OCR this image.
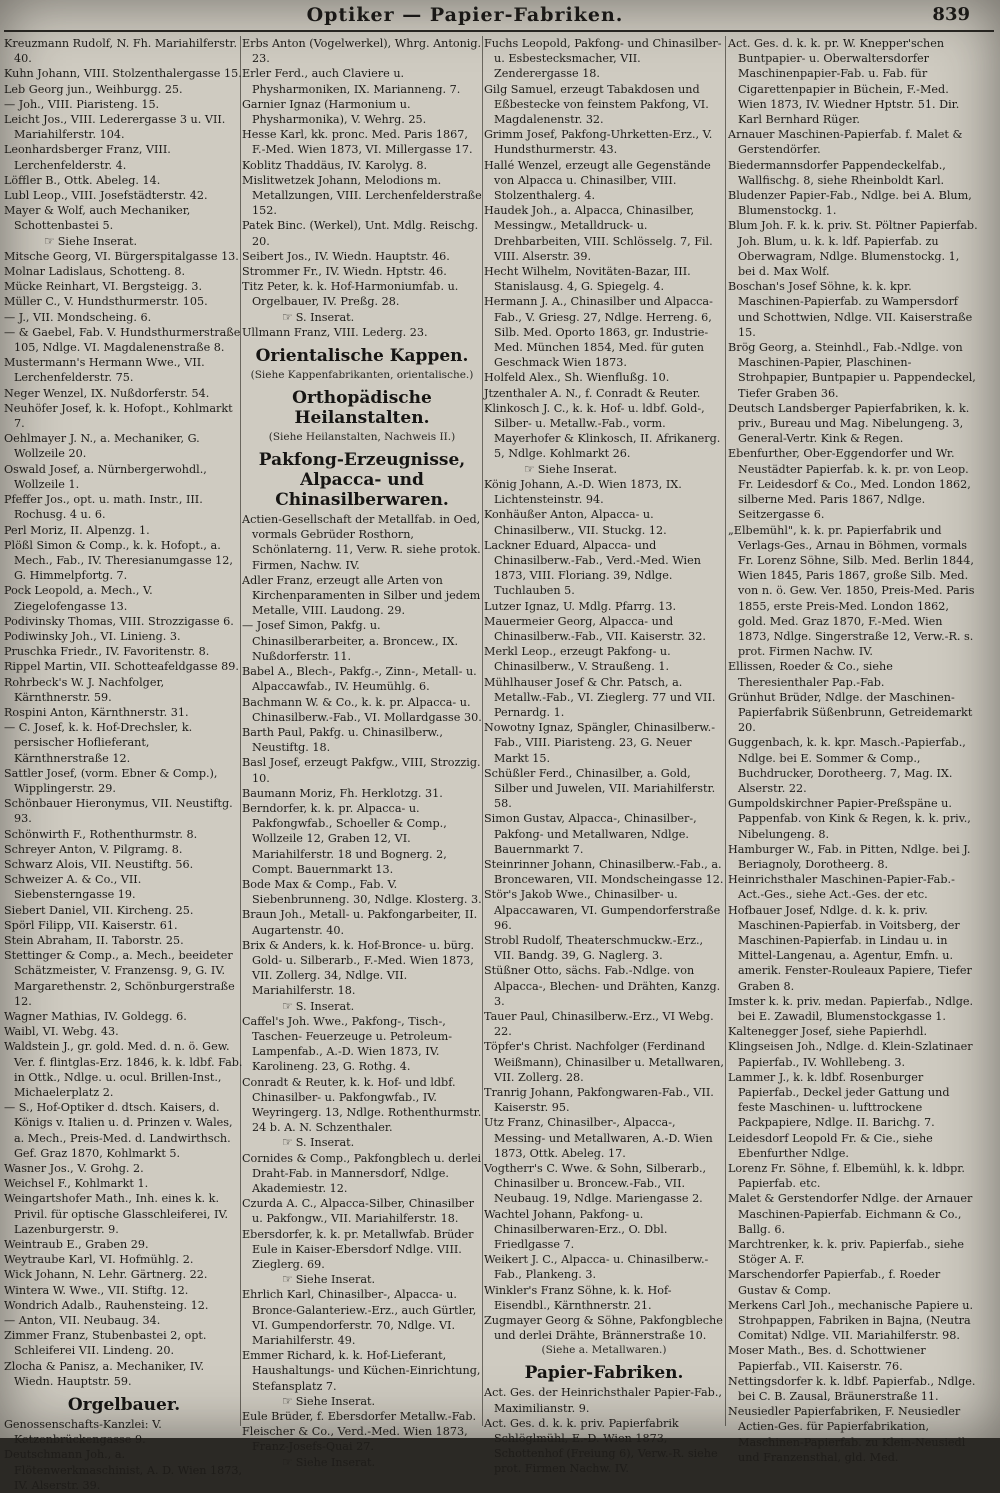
Optiker — Papier-Fabriken.	839
Kreuzmann Rudolf, N. Fh. Mariahilferstr. 40.
Kuhn Johann, VIII. Stolzenthalergasse 15.
Leb Georg jun., Weihburgg. 25.
— Joh., VIII. Piaristeng. 15.
Leicht Jos., VIII. Lederergasse 3 u. VII. Mariahilferstr. 104.
Leonhardsberger Franz, VIII. Lerchenfelderstr. 4.
Löffler B., Ottk. Abeleg. 14.
Lubl Leop., VIII. Josefstädterstr. 42.
Mayer & Wolf, auch Mechaniker, Schottenbastei 5.
☞ Siehe Inserat.
Mitsche Georg, VI. Bürgerspitalgasse 13.
Molnar Ladislaus, Schotteng. 8.
Mücke Reinhart, VI. Bergsteigg. 3.
Müller C., V. Hundsthurmerstr. 105.
— J., VII. Mondscheing. 6.
— & Gaebel, Fab. V. Hundsthurmerstraße 105, Ndlge. VI. Magdalenenstraße 8.
Mustermann's Hermann Wwe., VII. Lerchenfelderstr. 75.
Neger Wenzel, IX. Nußdorferstr. 54.
Neuhöfer Josef, k. k. Hofopt., Kohlmarkt 7.
Oehlmayer J. N., a. Mechaniker, G. Wollzeile 20.
Oswald Josef, a. Nürnbergerwohdl., Wollzeile 1.
Pfeffer Jos., opt. u. math. Instr., III. Rochusg. 4 u. 6.
Perl Moriz, II. Alpenzg. 1.
Plößl Simon & Comp., k. k. Hofopt., a. Mech., Fab., IV. Theresianumgasse 12, G. Himmelpfortg. 7.
Pock Leopold, a. Mech., V. Ziegelofengasse 13.
Podivinsky Thomas, VIII. Strozzigasse 6.
Podiwinsky Joh., VI. Linieng. 3.
Pruschka Friedr., IV. Favoritenstr. 8.
Rippel Martin, VII. Schotteafeldgasse 89.
Rohrbeck's W. J. Nachfolger, Kärnthnerstr. 59.
Rospini Anton, Kärnthnerstr. 31.
— C. Josef, k. k. Hof-Drechsler, k. persischer Hoflieferant, Kärnthnerstraße 12.
Sattler Josef, (vorm. Ebner & Comp.), Wipplingerstr. 29.
Schönbauer Hieronymus, VII. Neustiftg. 93.
Schönwirth F., Rothenthurmstr. 8.
Schreyer Anton, V. Pilgramg. 8.
Schwarz Alois, VII. Neustiftg. 56.
Schweizer A. & Co., VII. Siebensterngasse 19.
Siebert Daniel, VII. Kircheng. 25.
Spörl Filipp, VII. Kaiserstr. 61.
Stein Abraham, II. Taborstr. 25.
Stettinger & Comp., a. Mech., beeideter Schätzmeister, V. Franzensg. 9, G. IV. Margarethenstr. 2, Schönburgerstraße 12.
Wagner Mathias, IV. Goldegg. 6.
Waibl, VI. Webg. 43.
Waldstein J., gr. gold. Med. d. n. ö. Gew. Ver. f. flintglas-Erz. 1846, k. k. ldbf. Fab. in Ottk., Ndlge. u. ocul. Brillen-Inst., Michaelerplatz 2.
— S., Hof-Optiker d. dtsch. Kaisers, d. Königs v. Italien u. d. Prinzen v. Wales, a. Mech., Preis-Med. d. Landwirthsch. Gef. Graz 1870, Kohlmarkt 5.
Wasner Jos., V. Grohg. 2.
Weichsel F., Kohlmarkt 1.
Weingartshofer Math., Inh. eines k. k. Privil. für optische Glasschleiferei, IV. Lazenburgerstr. 9.
Weintraub E., Graben 29.
Weytraube Karl, VI. Hofmühlg. 2.
Wick Johann, N. Lehr. Gärtnerg. 22.
Wintera W. Wwe., VII. Stiftg. 12.
Wondrich Adalb., Rauhensteing. 12.
— Anton, VII. Neubaug. 34.
Zimmer Franz, Stubenbastei 2, opt. Schleiferei VII. Lindeng. 20.
Zlocha & Panisz, a. Mechaniker, IV. Wiedn. Hauptstr. 59.
Orgelbauer.
Genossenschafts-Kanzlei: V. Ketzenbrückengasse 9.
Deutschmann Joh., a. Flötenwerkmaschinist, A. D. Wien 1873, IV. Alserstr. 39.
Erbs Anton (Vogelwerkel), Whrg. Antonig. 23.
Erler Ferd., auch Claviere u. Physharmoniken, IX. Marianneng. 7.
Garnier Ignaz (Harmonium u. Physharmonika), V. Wehrg. 25.
Hesse Karl, kk. pronc. Med. Paris 1867, F.-Med. Wien 1873, VI. Millergasse 17.
Koblitz Thaddäus, IV. Karolyg. 8.
Mislitwetzek Johann, Melodions m. Metallzungen, VIII. Lerchenfelderstraße 152.
Patek Binc. (Werkel), Unt. Mdlg. Reischg. 20.
Seibert Jos., IV. Wiedn. Hauptstr. 46.
Strommer Fr., IV. Wiedn. Hptstr. 46.
Titz Peter, k. k. Hof-Harmoniumfab. u. Orgelbauer, IV. Preßg. 28.
☞ S. Inserat.
Ullmann Franz, VIII. Lederg. 23.
Orientalische Kappen.
(Siehe Kappenfabrikanten, orientalische.)
Orthopädische Heilanstalten.
(Siehe Heilanstalten, Nachweis II.)
Pakfong-Erzeugnisse, Alpacca- und Chinasilberwaren.
Actien-Gesellschaft der Metallfab. in Oed, vormals Gebrüder Rosthorn, Schönlaterng. 11, Verw. R. siehe protok. Firmen, Nachw. IV.
Adler Franz, erzeugt alle Arten von Kirchenparamenten in Silber und jedem Metalle, VIII. Laudong. 29.
— Josef Simon, Pakfg. u. Chinasilberarbeiter, a. Broncew., IX. Nußdorferstr. 11.
Babel A., Blech-, Pakfg.-, Zinn-, Metall- u. Alpaccawfab., IV. Heumühlg. 6.
Bachmann W. & Co., k. k. pr. Alpacca- u. Chinasilberw.-Fab., VI. Mollardgasse 30.
Barth Paul, Pakfg. u. Chinasilberw., Neustiftg. 18.
Basl Josef, erzeugt Pakfgw., VIII, Strozzig. 10.
Baumann Moriz, Fh. Herklotzg. 31.
Berndorfer, k. k. pr. Alpacca- u. Pakfongwfab., Schoeller & Comp., Wollzeile 12, Graben 12, VI. Mariahilferstr. 18 und Bognerg. 2, Compt. Bauernmarkt 13.
Bode Max & Comp., Fab. V. Siebenbrunneng. 30, Ndlge. Klosterg. 3.
Braun Joh., Metall- u. Pakfongarbeiter, II. Augartenstr. 40.
Brix & Anders, k. k. Hof-Bronce- u. bürg. Gold- u. Silberarb., F.-Med. Wien 1873, VII. Zollerg. 34, Ndlge. VII. Mariahilferstr. 18.
☞ S. Inserat.
Caffel's Joh. Wwe., Pakfong-, Tisch-, Taschen- Feuerzeuge u. Petroleum-Lampenfab., A.-D. Wien 1873, IV. Karolineng. 23, G. Rothg. 4.
Conradt & Reuter, k. k. Hof- und ldbf. Chinasilber- u. Pakfongwfab., IV. Weyringerg. 13, Ndlge. Rothenthurmstr. 24 b. A. N. Schzenthaler.
☞ S. Inserat.
Cornides & Comp., Pakfongblech u. derlei Draht-Fab. in Mannersdorf, Ndlge. Akademiestr. 12.
Czurda A. C., Alpacca-Silber, Chinasilber u. Pakfongw., VII. Mariahilferstr. 18.
Ebersdorfer, k. k. pr. Metallwfab. Brüder Eule in Kaiser-Ebersdorf Ndlge. VIII. Zieglerg. 69.
☞ Siehe Inserat.
Ehrlich Karl, Chinasilber-, Alpacca- u. Bronce-Galanteriew.-Erz., auch Gürtler, VI. Gumpendorferstr. 70, Ndlge. VI. Mariahilferstr. 49.
Emmer Richard, k. k. Hof-Lieferant, Haushaltungs- und Küchen-Einrichtung, Stefansplatz 7.
☞ Siehe Inserat.
Eule Brüder, f. Ebersdorfer Metallw.-Fab.
Fleischer & Co., Verd.-Med. Wien 1873, Franz-Josefs-Quai 27.
☞ Siehe Inserat.
Fuchs Leopold, Pakfong- und Chinasilber- u. Esbestecksmacher, VII. Zenderergasse 18.
Gilg Samuel, erzeugt Tabakdosen und Eßbestecke von feinstem Pakfong, VI. Magdalenenstr. 32.
Grimm Josef, Pakfong-Uhrketten-Erz., V. Hundsthurmerstr. 43.
Hallé Wenzel, erzeugt alle Gegenstände von Alpacca u. Chinasilber, VIII. Stolzenthalerg. 4.
Haudek Joh., a. Alpacca, Chinasilber, Messingw., Metalldruck- u. Drehbarbeiten, VIII. Schlösselg. 7, Fil. VIII. Alserstr. 39.
Hecht Wilhelm, Novitäten-Bazar, III. Stanislausg. 4, G. Spiegelg. 4.
Hermann J. A., Chinasilber und Alpacca-Fab., V. Griesg. 27, Ndlge. Herreng. 6, Silb. Med. Oporto 1863, gr. Industrie-Med. München 1854, Med. für guten Geschmack Wien 1873.
Holfeld Alex., Sh. Wienflußg. 10.
Jtzenthaler A. N., f. Conradt & Reuter.
Klinkosch J. C., k. k. Hof- u. ldbf. Gold-, Silber- u. Metallw.-Fab., vorm. Mayerhofer & Klinkosch, II. Afrikanerg. 5, Ndlge. Kohlmarkt 26.
☞ Siehe Inserat.
König Johann, A.-D. Wien 1873, IX. Lichtensteinstr. 94.
Konhäußer Anton, Alpacca- u. Chinasilberw., VII. Stuckg. 12.
Lackner Eduard, Alpacca- und Chinasilberw.-Fab., Verd.-Med. Wien 1873, VIII. Floriang. 39, Ndlge. Tuchlauben 5.
Lutzer Ignaz, U. Mdlg. Pfarrg. 13.
Mauermeier Georg, Alpacca- und Chinasilberw.-Fab., VII. Kaiserstr. 32.
Merkl Leop., erzeugt Pakfong- u. Chinasilberw., V. Straußeng. 1.
Mühlhauser Josef & Chr. Patsch, a. Metallw.-Fab., VI. Zieglerg. 77 und VII. Pernardg. 1.
Nowotny Ignaz, Spängler, Chinasilberw.-Fab., VIII. Piaristeng. 23, G. Neuer Markt 15.
Schüßler Ferd., Chinasilber, a. Gold, Silber und Juwelen, VII. Mariahilferstr. 58.
Simon Gustav, Alpacca-, Chinasilber-, Pakfong- und Metallwaren, Ndlge. Bauernmarkt 7.
Steinrinner Johann, Chinasilberw.-Fab., a. Broncewaren, VII. Mondscheingasse 12.
Stör's Jakob Wwe., Chinasilber- u. Alpaccawaren, VI. Gumpendorferstraße 96.
Strobl Rudolf, Theaterschmuckw.-Erz., VII. Bandg. 39, G. Naglerg. 3.
Stüßner Otto, sächs. Fab.-Ndlge. von Alpacca-, Blechen- und Drähten, Kanzg. 3.
Tauer Paul, Chinasilberw.-Erz., VI Webg. 22.
Töpfer's Christ. Nachfolger (Ferdinand Weißmann), Chinasilber u. Metallwaren, VII. Zollerg. 28.
Tranrig Johann, Pakfongwaren-Fab., VII. Kaiserstr. 95.
Utz Franz, Chinasilber-, Alpacca-, Messing- und Metallwaren, A.-D. Wien 1873, Ottk. Abeleg. 17.
Vogtherr's C. Wwe. & Sohn, Silberarb., Chinasilber u. Broncew.-Fab., VII. Neubaug. 19, Ndlge. Mariengasse 2.
Wachtel Johann, Pakfong- u. Chinasilberwaren-Erz., O. Dbl. Friedlgasse 7.
Weikert J. C., Alpacca- u. Chinasilberw.-Fab., Plankeng. 3.
Winkler's Franz Söhne, k. k. Hof-Eisendbl., Kärnthnerstr. 21.
Zugmayer Georg & Söhne, Pakfongbleche und derlei Drähte, Brännerstraße 10.
(Siehe a. Metallwaren.)
Papier-Fabriken.
Act. Ges. der Heinrichsthaler Papier-Fab., Maximilianstr. 9.
Act. Ges. d. k. k. priv. Papierfabrik Schlöglmühl, E.-D. Wien 1873, Schottenhof (Freiung 6), Verw.-R. siehe prot. Firmen Nachw. IV.
Act. Ges. d. k. k. pr. W. Knepper'schen Buntpapier- u. Oberwaltersdorfer Maschinenpapier-Fab. u. Fab. für Cigarettenpapier in Büchein, F.-Med. Wien 1873, IV. Wiedner Hptstr. 51. Dir. Karl Bernhard Rüger.
Arnauer Maschinen-Papierfab. f. Malet & Gerstendörfer.
Biedermannsdorfer Pappendeckelfab., Wallfischg. 8, siehe Rheinboldt Karl.
Bludenzer Papier-Fab., Ndlge. bei A. Blum, Blumenstockg. 1.
Blum Joh. F. k. k. priv. St. Pöltner Papierfab. Joh. Blum, u. k. k. ldf. Papierfab. zu Oberwagram, Ndlge. Blumenstockg. 1, bei d. Max Wolf.
Boschan's Josef Söhne, k. k. kpr. Maschinen-Papierfab. zu Wampersdorf und Schottwien, Ndlge. VII. Kaiserstraße 15.
Brög Georg, a. Steinhdl., Fab.-Ndlge. von Maschinen-Papier, Plaschinen-Strohpapier, Buntpapier u. Pappendeckel, Tiefer Graben 36.
Deutsch Landsberger Papierfabriken, k. k. priv., Bureau und Mag. Nibelungeng. 3, General-Vertr. Kink & Regen.
Ebenfurther, Ober-Eggendorfer und Wr. Neustädter Papierfab. k. k. pr. von Leop. Fr. Leidesdorf & Co., Med. London 1862, silberne Med. Paris 1867, Ndlge. Seitzergasse 6.
„Elbemühl", k. k. pr. Papierfabrik und Verlags-Ges., Arnau in Böhmen, vormals Fr. Lorenz Söhne, Silb. Med. Berlin 1844, Wien 1845, Paris 1867, große Silb. Med. von n. ö. Gew. Ver. 1850, Preis-Med. Paris 1855, erste Preis-Med. London 1862, gold. Med. Graz 1870, F.-Med. Wien 1873, Ndlge. Singerstraße 12, Verw.-R. s. prot. Firmen Nachw. IV.
Ellissen, Roeder & Co., siehe Theresienthaler Pap.-Fab.
Grünhut Brüder, Ndlge. der Maschinen-Papierfabrik Süßenbrunn, Getreidemarkt 20.
Guggenbach, k. k. kpr. Masch.-Papierfab., Ndlge. bei E. Sommer & Comp., Buchdrucker, Dorotheerg. 7, Mag. IX. Alserstr. 22.
Gumpoldskirchner Papier-Preßspäne u. Pappenfab. von Kink & Regen, k. k. priv., Nibelungeng. 8.
Hamburger W., Fab. in Pitten, Ndlge. bei J. Beriagnoly, Dorotheerg. 8.
Heinrichsthaler Maschinen-Papier-Fab.-Act.-Ges., siehe Act.-Ges. der etc.
Hofbauer Josef, Ndlge. d. k. k. priv. Maschinen-Papierfab. in Voitsberg, der Maschinen-Papierfab. in Lindau u. in Mittel-Langenau, a. Agentur, Emfn. u. amerik. Fenster-Rouleaux Papiere, Tiefer Graben 8.
Imster k. k. priv. medan. Papierfab., Ndlge. bei E. Zawadil, Blumenstockgasse 1.
Kaltenegger Josef, siehe Papierhdl.
Klingseisen Joh., Ndlge. d. Klein-Szlatinaer Papierfab., IV. Wohllebeng. 3.
Lammer J., k. k. ldbf. Rosenburger Papierfab., Deckel jeder Gattung und feste Maschinen- u. lufttrockene Packpapiere, Ndlge. II. Barichg. 7.
Leidesdorf Leopold Fr. & Cie., siehe Ebenfurther Ndlge.
Lorenz Fr. Söhne, f. Elbemühl, k. k. ldbpr. Papierfab. etc.
Malet & Gerstendorfer Ndlge. der Arnauer Maschinen-Papierfab. Eichmann & Co., Ballg. 6.
Marchtrenker, k. k. priv. Papierfab., siehe Stöger A. F.
Marschendorfer Papierfab., f. Roeder Gustav & Comp.
Merkens Carl Joh., mechanische Papiere u. Strohpappen, Fabriken in Bajna, (Neutra Comitat) Ndlge. VII. Mariahilferstr. 98.
Moser Math., Bes. d. Schottwiener Papierfab., VII. Kaiserstr. 76.
Nettingsdorfer k. k. ldbf. Papierfab., Ndlge. bei C. B. Zausal, Bräunerstraße 11.
Neusiedler Papierfabriken, F. Neusiedler Actien-Ges. für Papierfabrikation, Maschinen-Papierfab. zu Klein-Neusiedl und Franzensthal, gld. Med.
